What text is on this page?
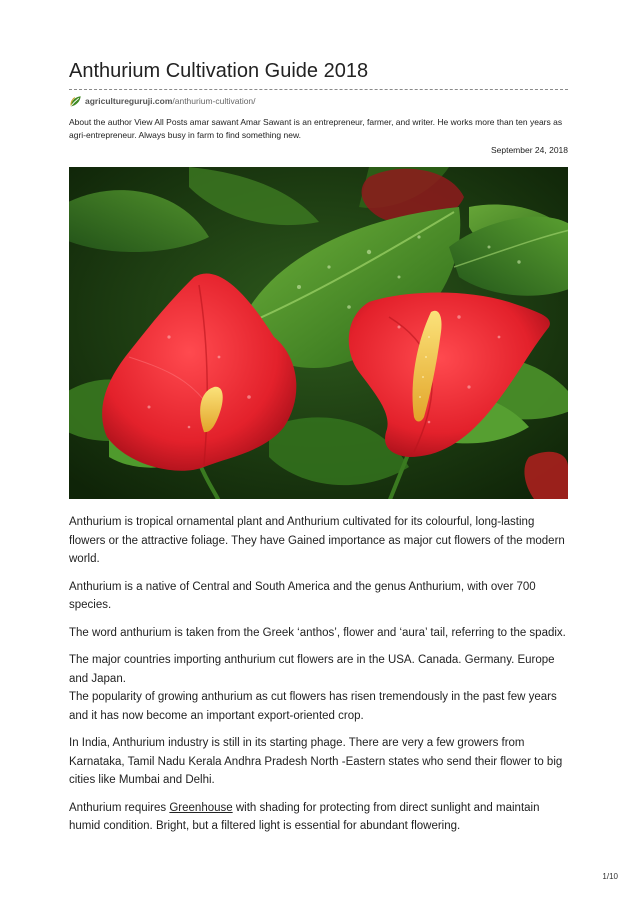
Anthurium Cultivation Guide 2018
agricultureguruji.com /anthurium-cultivation/

About the author View All Posts amar sawant Amar Sawant is an entrepreneur, farmer, and writer. He works more than ten years as agri-entrepreneur. Always busy in farm to find something new.

September 24, 2018

Anthurium is tropical ornamental plant and Anthurium cultivated for its colourful, long-lasting flowers or the attractive foliage. They have Gained importance as major cut flowers of the modern world.

Anthurium is a native of Central and South America and the genus Anthurium, with over 700 species.

The word anthurium is taken from the Greek ‘anthos’, flower and ‘aura’ tail, referring to the spadix.

The major countries importing anthurium cut flowers are in the USA. Canada. Germany. Europe and Japan.

The popularity of growing anthurium as cut flowers has risen tremendously in the past few years and it has now become an important export-oriented crop.

In India, Anthurium industry is still in its starting phage. There are very a few growers from Karnataka, Tamil Nadu Kerala Andhra Pradesh North -Eastern states who send their flower to big cities like Mumbai and Delhi.

Anthurium requires Greenhouse with shading for protecting from direct sunlight and maintain humid condition. Bright, but a filtered light is essential for abundant flowering.

1/10
